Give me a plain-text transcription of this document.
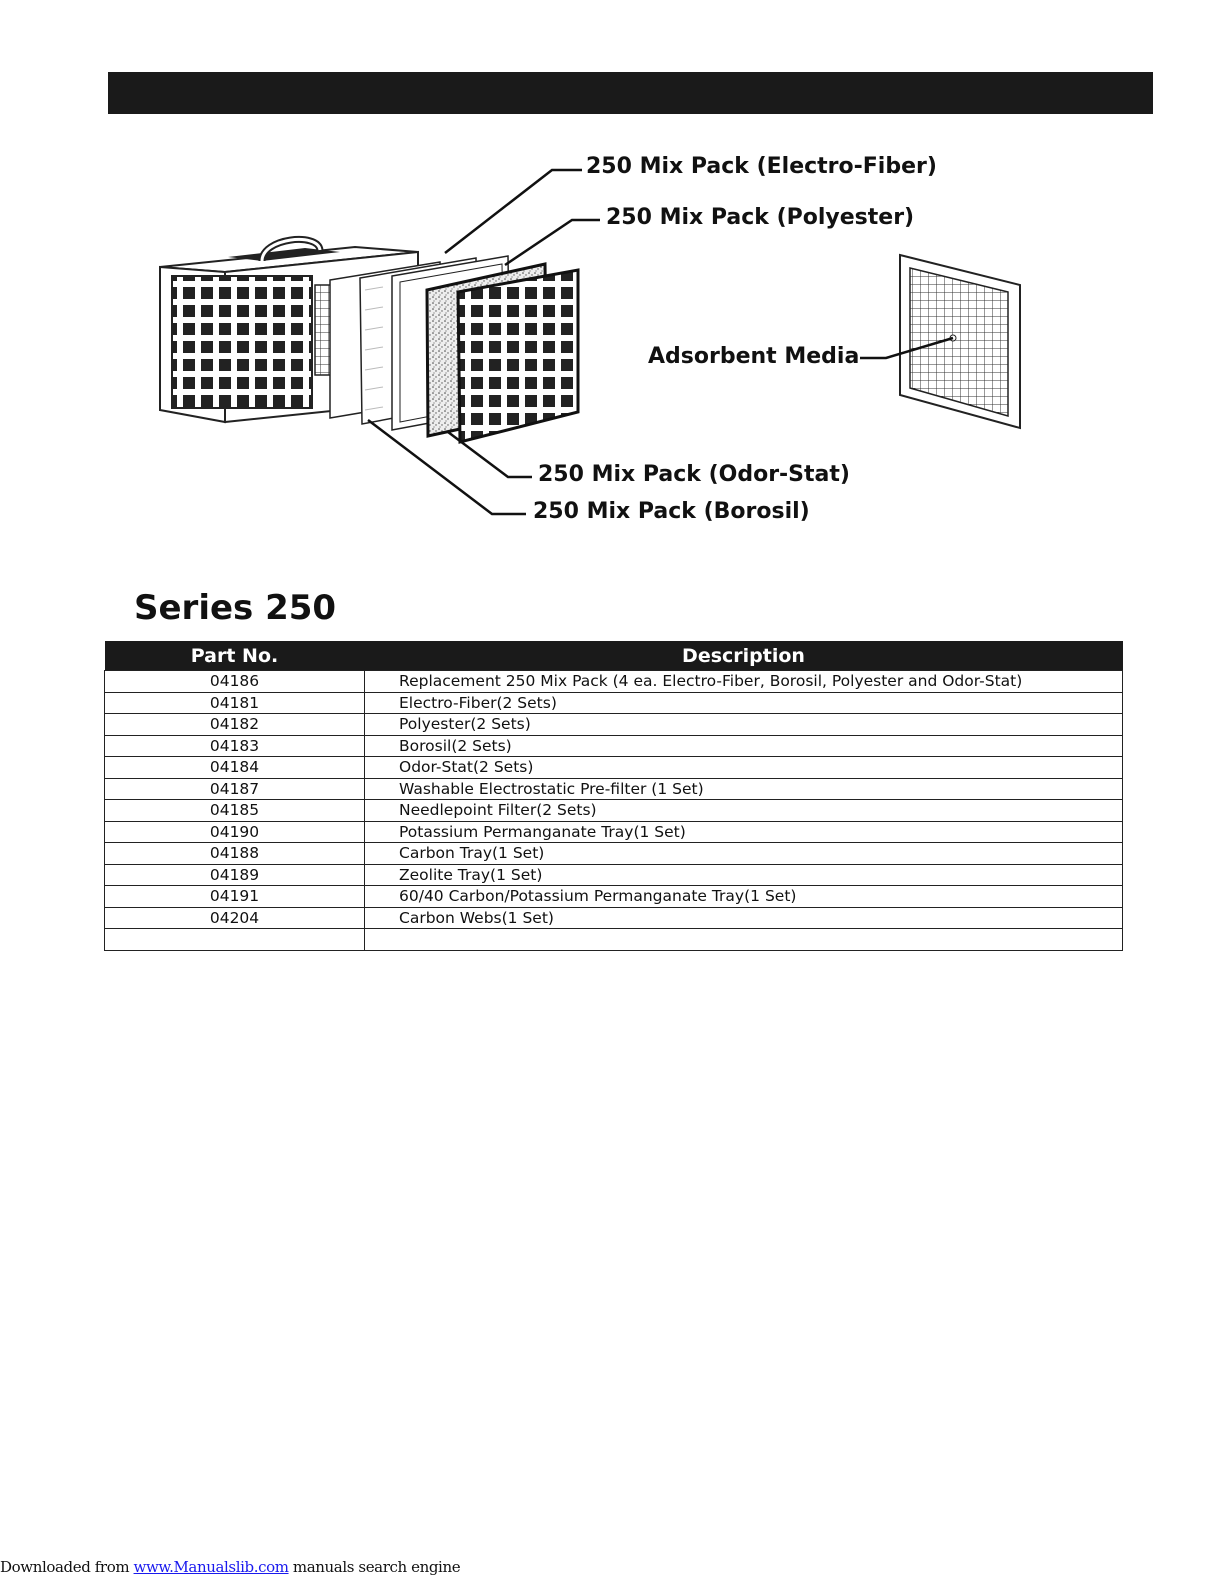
250 Mix Pack (Electro-Fiber)
250 Mix Pack (Polyester)
Adsorbent Media
250 Mix Pack (Odor-Stat)
250 Mix Pack (Borosil)
Series 250
Part No.	Description
04186	Replacement 250 Mix Pack (4 ea. Electro-Fiber, Borosil, Polyester and Odor-Stat)
04181	Electro-Fiber(2 Sets)
04182	Polyester(2 Sets)
04183	Borosil(2 Sets)
04184	Odor-Stat(2 Sets)
04187	Washable Electrostatic Pre-filter (1 Set)
04185	Needlepoint Filter(2 Sets)
04190	Potassium Permanganate Tray(1 Set)
04188	Carbon Tray(1 Set)
04189	Zeolite Tray(1 Set)
04191	60/40 Carbon/Potassium Permanganate Tray(1 Set)
04204	Carbon Webs(1 Set)

Downloaded from www.Manualslib.com manuals search engine
